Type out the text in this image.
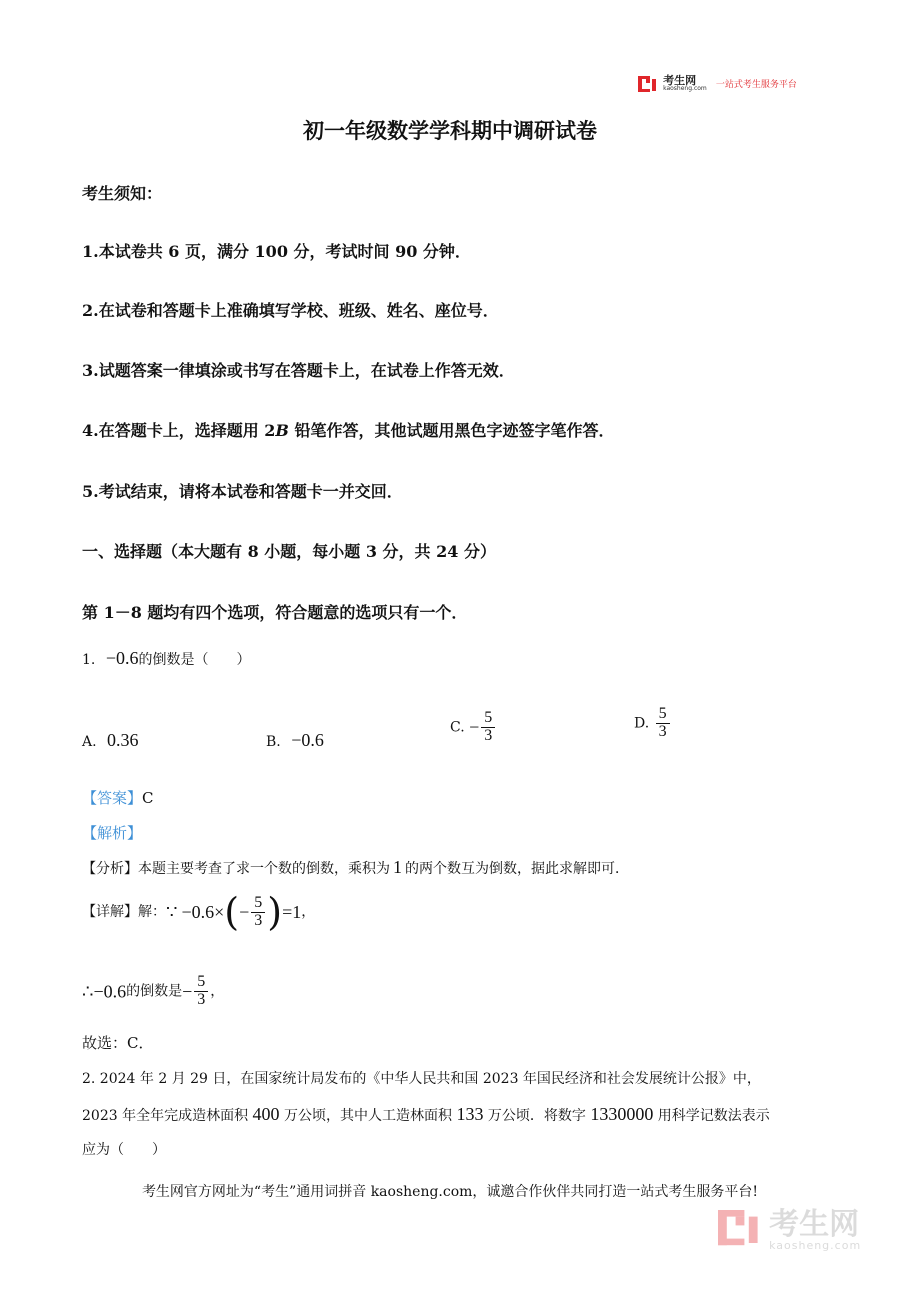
考生网
kaosheng.com 一站式考生服务平台
初一年级数学学科期中调研试卷
考生须知：
1.本试卷共 6 页，满分 100 分，考试时间 90 分钟．
2.在试卷和答题卡上准确填写学校、班级、姓名、座位号．
3.试题答案一律填涂或书写在答题卡上，在试卷上作答无效．
4.在答题卡上，选择题用 2B 铅笔作答，其他试题用黑色字迹签字笔作答．
5.考试结束，请将本试卷和答题卡一并交回．
一、选择题（本大题有 8 小题，每小题 3 分，共 24 分）
第 1－8 题均有四个选项，符合题意的选项只有一个．
1. −0.6的倒数是（　　）
A. 0.36	B. −0.6
C. − $\frac{5}{3}$	D. $\frac{5}{3}$
【答案】C
【解析】
【分析】本题主要考查了求一个数的倒数，乘积为 1 的两个数互为倒数，据此求解即可．
【详解】解：∵ $-0.6\times(- \frac{5}{3} )=1$，
∴−0.6的倒数是− $\frac{5}{3}$ ，
故选：C．
2. 2024 年 2 月 29 日，在国家统计局发布的《中华人民共和国 2023 年国民经济和社会发展统计公报》中，
2023 年全年完成造林面积 400 万公顷，其中人工造林面积 133 万公顷．将数字 1330000 用科学记数法表示
应为（　　）
考生网官方网址为“考生”通用词拼音 kaosheng.com，诚邀合作伙伴共同打造一站式考生服务平台!

考生网
kaosheng.com
